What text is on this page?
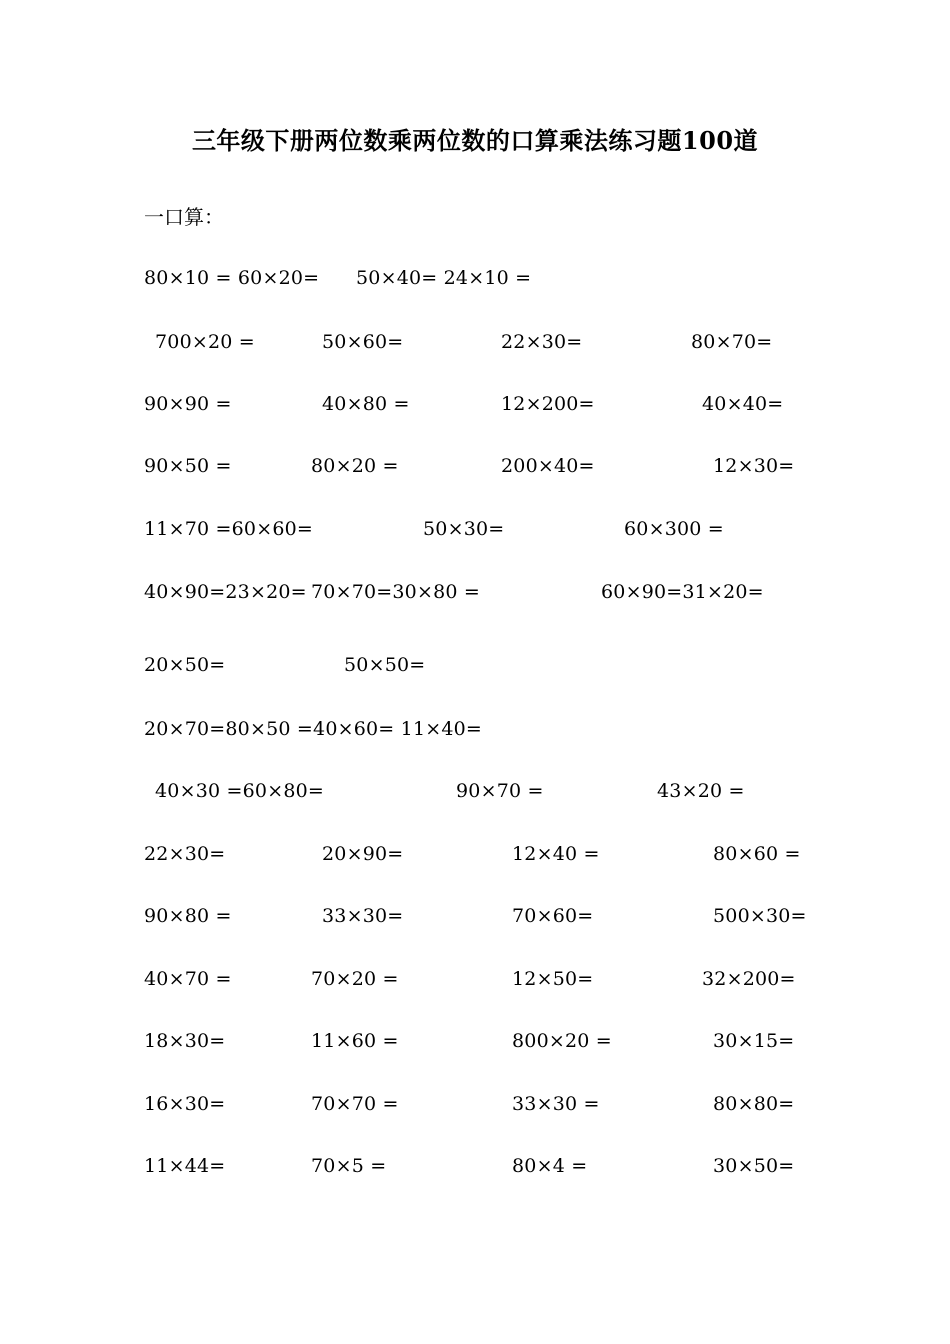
三年级下册两位数乘两位数的口算乘法练习题100道
一口算：
80×10 = 60×20= 50×40= 24×10 =
700×20 =	50×60=	22×30=	80×70=
90×90 =	40×80 =	12×200=	40×40=
90×50 =	80×20 =	200×40=	12×30=
11×70 =60×60=	50×30=	60×300 =
40×90=23×20= 70×70=30×80 =	60×90=31×20=
20×50=	50×50=
20×70=80×50 =40×60= 11×40=
40×30 =60×80=	90×70 =	43×20 =
22×30=	20×90=	12×40 =	80×60 =
90×80 =	33×30=	70×60=	500×30=
40×70 =	70×20 =	12×50=	32×200=
18×30=	11×60 =	800×20 =	30×15=
16×30=	70×70 =	33×30 =	80×80=
11×44=	70×5 =	80×4 =	30×50=
